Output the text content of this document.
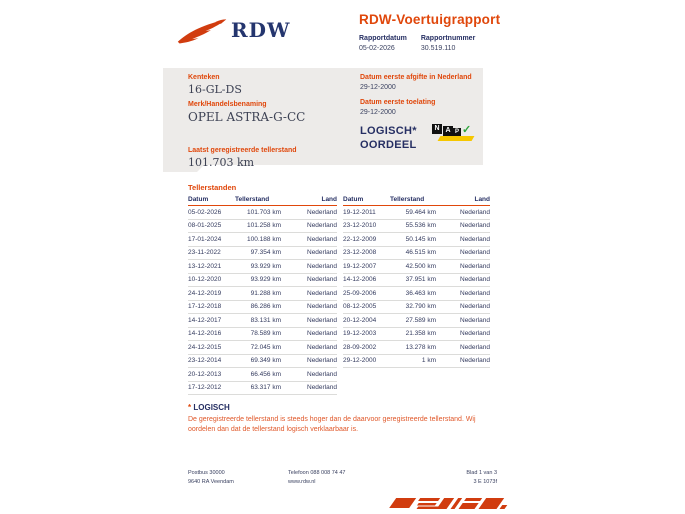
RDW	RDW-Voertuigrapport
Rapportdatum
05-02-2026
Rapportnummer
30.519.110
Kenteken
16-GL-DS
Merk/Handelsbenaming
OPEL ASTRA-G-CC
Laatst geregistreerde tellerstand
101.703 km
Datum eerste afgifte in Nederland
29-12-2000
Datum eerste toelating
29-12-2000
LOGISCH*
OORDEEL
N A P ✓
Tellerstanden
Datum	Tellerstand	Land
05-02-2026	101.703 km	Nederland
08-01-2025	101.258 km	Nederland
17-01-2024	100.188 km	Nederland
23-11-2022	97.354 km	Nederland
13-12-2021	93.929 km	Nederland
10-12-2020	93.929 km	Nederland
24-12-2019	91.288 km	Nederland
17-12-2018	86.286 km	Nederland
14-12-2017	83.131 km	Nederland
14-12-2016	78.589 km	Nederland
24-12-2015	72.045 km	Nederland
23-12-2014	69.349 km	Nederland
20-12-2013	66.456 km	Nederland
17-12-2012	63.317 km	Nederland
Datum	Tellerstand	Land
19-12-2011	59.464 km	Nederland
23-12-2010	55.536 km	Nederland
22-12-2009	50.145 km	Nederland
23-12-2008	46.515 km	Nederland
19-12-2007	42.500 km	Nederland
14-12-2006	37.951 km	Nederland
25-09-2006	36.463 km	Nederland
08-12-2005	32.790 km	Nederland
20-12-2004	27.589 km	Nederland
19-12-2003	21.358 km	Nederland
28-09-2002	13.278 km	Nederland
29-12-2000	1 km	Nederland
* LOGISCH
De geregistreerde tellerstand is steeds hoger dan de daarvoor geregistreerde tellerstand. Wij oordelen dan dat de tellerstand logisch verklaarbaar is.
Postbus 30000
9640 RA Veendam
Telefoon 088 008 74 47
www.rdw.nl
Blad 1 van 3
3 E 1073f
